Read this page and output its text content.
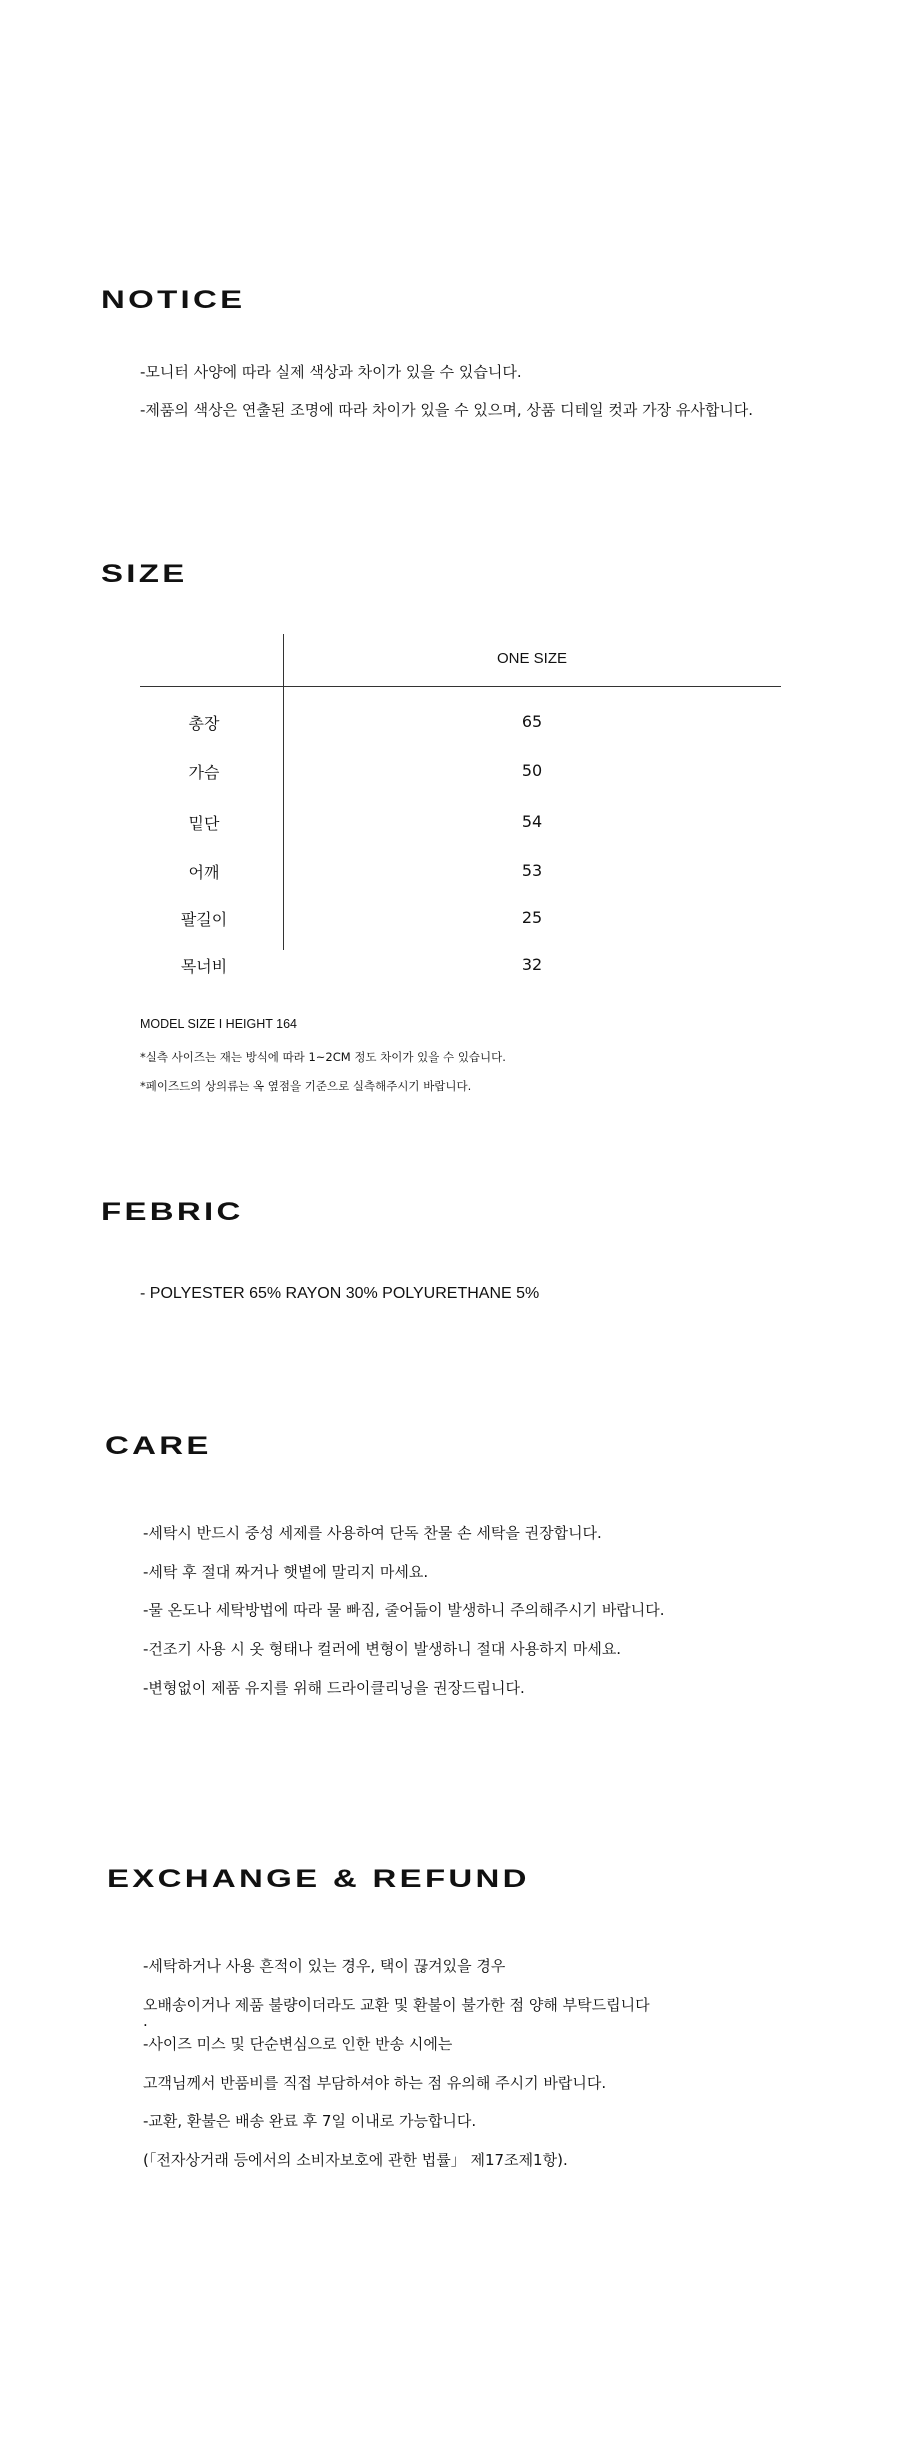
NOTICE
-모니터 사양에 따라 실제 색상과 차이가 있을 수 있습니다.
-제품의 색상은 연출된 조명에 따라 차이가 있을 수 있으며, 상품 디테일 컷과 가장 유사합니다.
SIZE
ONE SIZE
총장	65
가슴	50
밑단	54
어깨	53
팔길이	25
목너비	32
MODEL SIZE I HEIGHT 164
*실측 사이즈는 재는 방식에 따라 1~2CM 정도 차이가 있을 수 있습니다.
*페이즈드의 상의류는 옥 옆점을 기준으로 실측해주시기 바랍니다.
FEBRIC
- POLYESTER 65% RAYON 30% POLYURETHANE 5%
CARE
-세탁시 반드시 중성 세제를 사용하여 단독 찬물 손 세탁을 권장합니다.
-세탁 후 절대 짜거나 햇볕에 말리지 마세요.
-물 온도나 세탁방법에 따라 물 빠짐, 줄어듦이 발생하니 주의해주시기 바랍니다.
-건조기 사용 시 옷 형태나 컬러에 변형이 발생하니 절대 사용하지 마세요.
-변형없이 제품 유지를 위해 드라이클리닝을 권장드립니다.
EXCHANGE & REFUND
-세탁하거나 사용 흔적이 있는 경우, 택이 끊겨있을 경우
오배송이거나 제품 불량이더라도 교환 및 환불이 불가한 점 양해 부탁드립니다
.
-사이즈 미스 및 단순변심으로 인한 반송 시에는
고객님께서 반품비를 직접 부담하셔야 하는 점 유의해 주시기 바랍니다.
-교환, 환불은 배송 완료 후 7일 이내로 가능합니다.
(「전자상거래 등에서의 소비자보호에 관한 법률」 제17조제1항).
